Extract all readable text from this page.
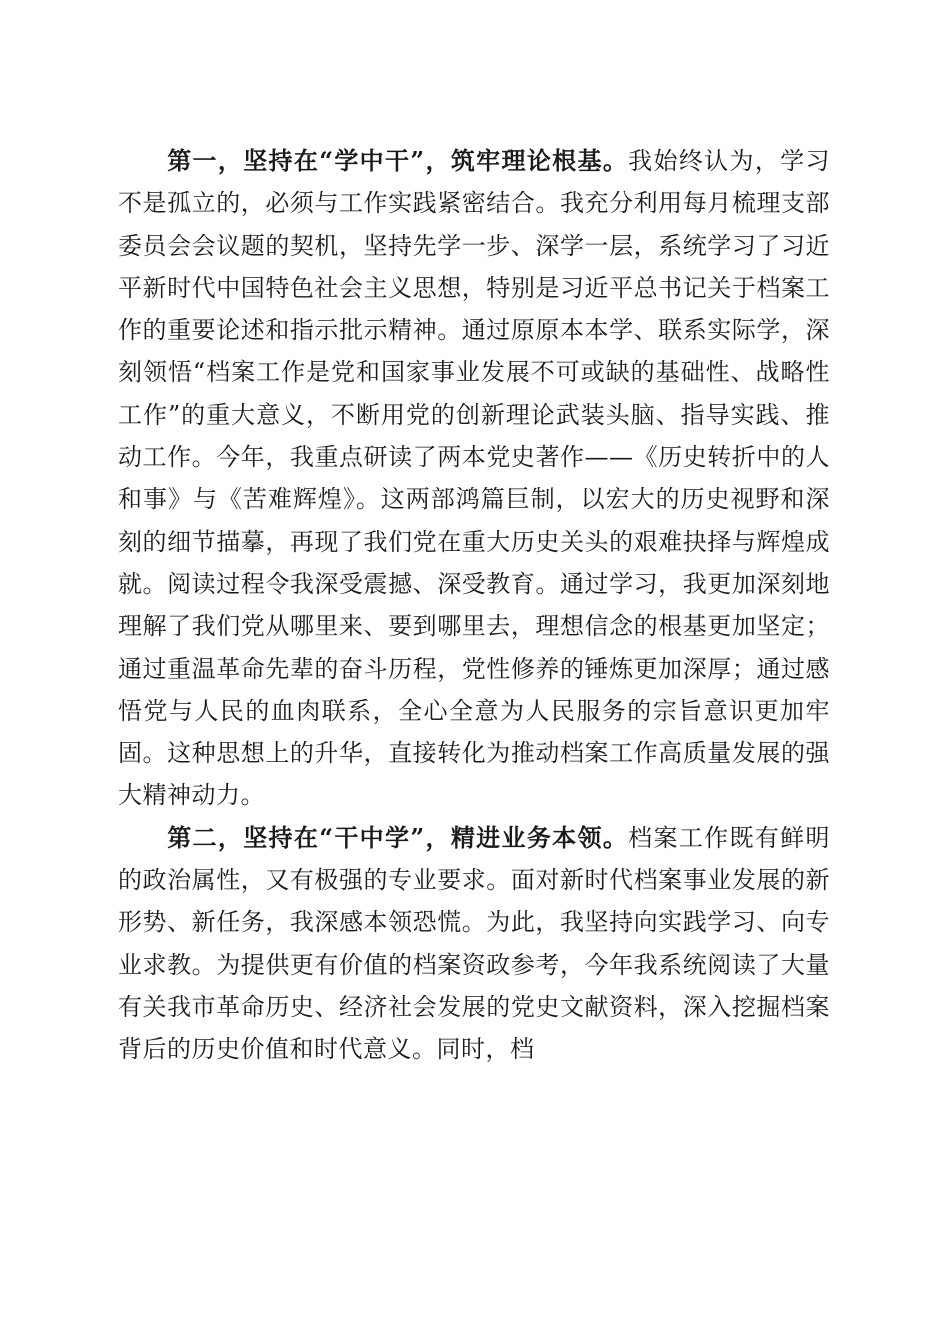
第一，坚持在“学中干”，筑牢理论根基。我始终认为，学习不是孤立的，必须与工作实践紧密结合。我充分利用每月梳理支部委员会会议题的契机，坚持先学一步、深学一层，系统学习了习近平新时代中国特色社会主义思想，特别是习近平总书记关于档案工作的重要论述和指示批示精神。通过原原本本学、联系实际学，深刻领悟“档案工作是党和国家事业发展不可或缺的基础性、战略性工作”的重大意义，不断用党的创新理论武装头脑、指导实践、推动工作。今年，我重点研读了两本党史著作——《历史转折中的人和事》与《苦难辉煌》。这两部鸿篇巨制，以宏大的历史视野和深刻的细节描摹，再现了我们党在重大历史关头的艰难抉择与辉煌成就。阅读过程令我深受震撼、深受教育。通过学习，我更加深刻地理解了我们党从哪里来、要到哪里去，理想信念的根基更加坚定；通过重温革命先辈的奋斗历程，党性修养的锤炼更加深厚；通过感悟党与人民的血肉联系，全心全意为人民服务的宗旨意识更加牢固。这种思想上的升华，直接转化为推动档案工作高质量发展的强大精神动力。

第二，坚持在“干中学”，精进业务本领。档案工作既有鲜明的政治属性，又有极强的专业要求。面对新时代档案事业发展的新形势、新任务，我深感本领恐慌。为此，我坚持向实践学习、向专业求教。为提供更有价值的档案资政参考，今年我系统阅读了大量有关我市革命历史、经济社会发展的党史文献资料，深入挖掘档案背后的历史价值和时代意义。同时，档
